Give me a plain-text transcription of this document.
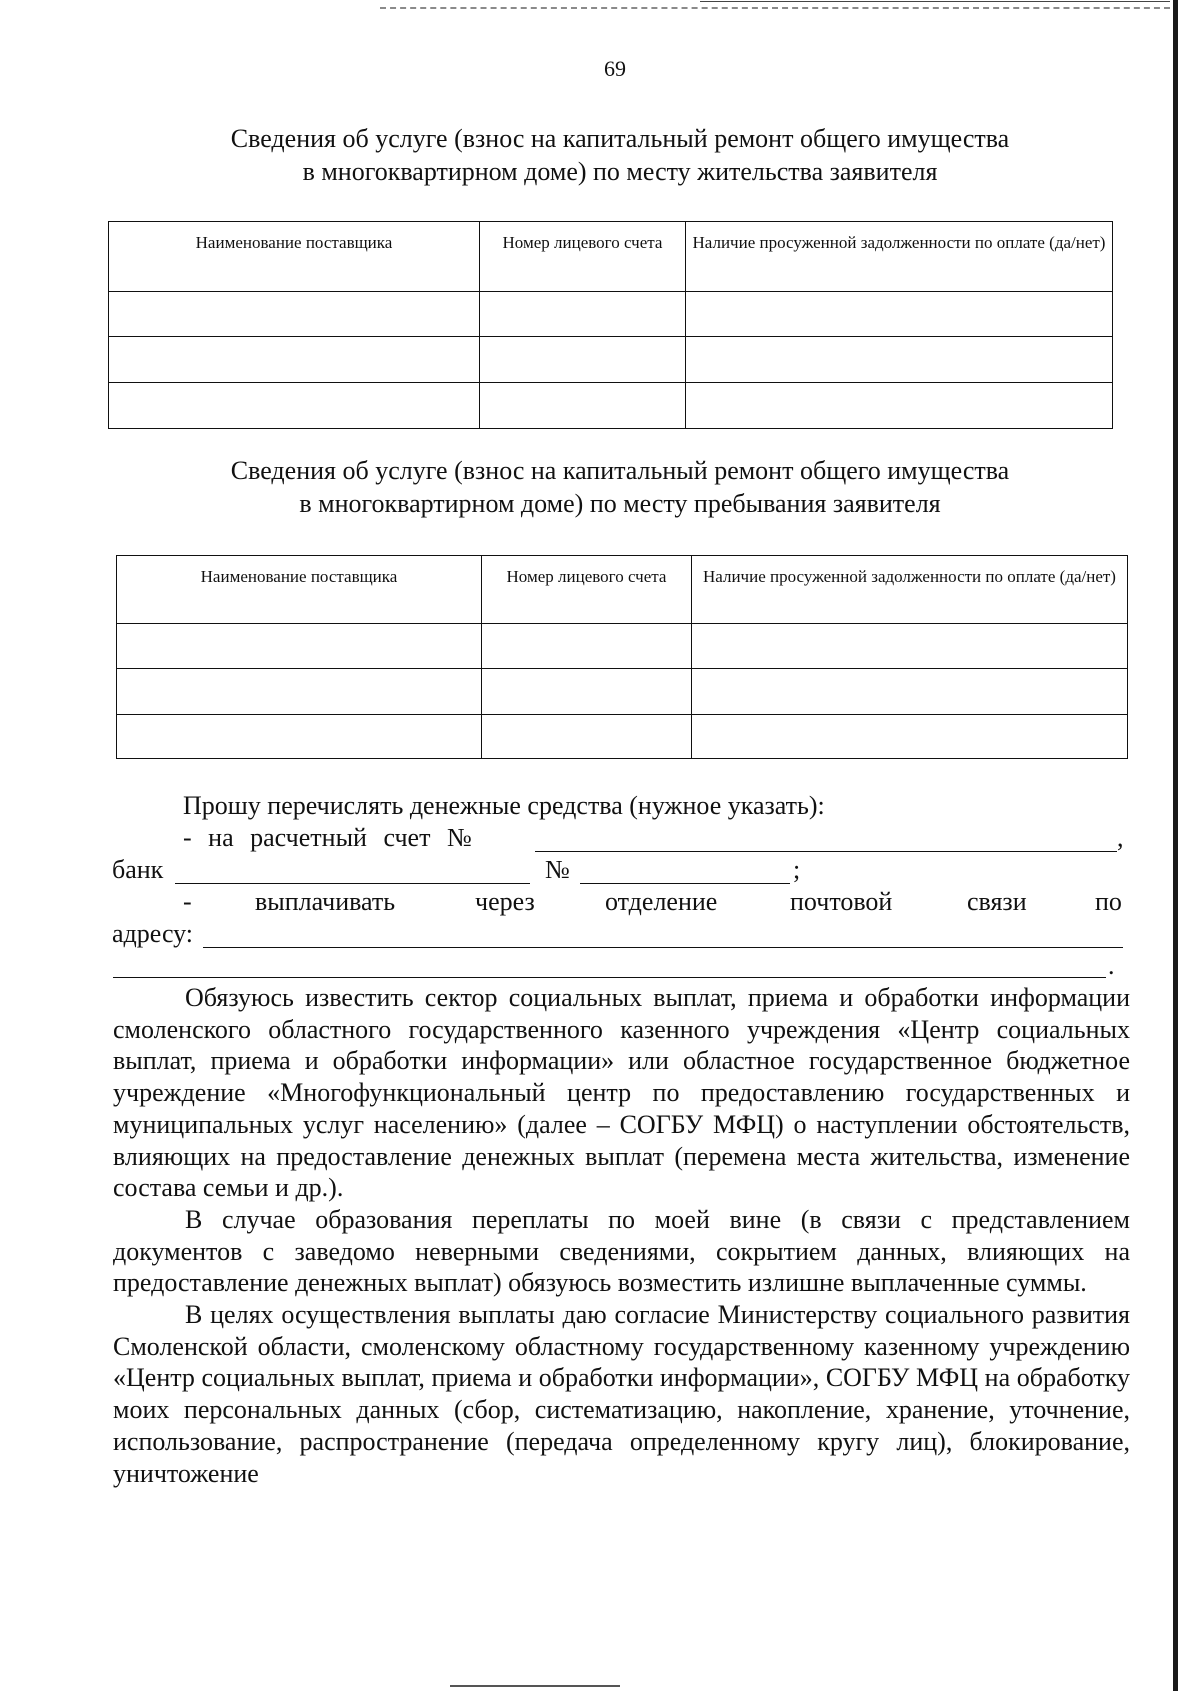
69
Сведения об услуге (взнос на капитальный ремонт общего имущества
в многоквартирном доме) по месту жительства заявителя
Наименование поставщика	Номер лицевого счета	Наличие просуженной задолженности по оплате (да/нет)

Сведения об услуге (взнос на капитальный ремонт общего имущества
в многоквартирном доме) по месту пребывания заявителя
Наименование поставщика	Номер лицевого счета	Наличие просуженной задолженности по оплате (да/нет)

Прошу перечислять денежные средства (нужное указать):
- на расчетный счет №	,
банк	№	;
- выплачивать	через	отделение	почтовой	связи	по
адресу:
.

Обязуюсь известить сектор социальных выплат, приема и обработки информации смоленского областного государственного казенного учреждения «Центр социальных выплат, приема и обработки информации» или областное государственное бюджетное учреждение «Многофункциональный центр по предоставлению государственных и муниципальных услуг населению» (далее – СОГБУ МФЦ) о наступлении обстоятельств, влияющих на предоставление денежных выплат (перемена места жительства, изменение состава семьи и др.).

В случае образования переплаты по моей вине (в связи с представлением документов с заведомо неверными сведениями, сокрытием данных, влияющих на предоставление денежных выплат) обязуюсь возместить излишне выплаченные суммы.

В целях осуществления выплаты даю согласие Министерству социального развития Смоленской области, смоленскому областному государственному казенному учреждению «Центр социальных выплат, приема и обработки информации», СОГБУ МФЦ на обработку моих персональных данных (сбор, систематизацию, накопление, хранение, уточнение, использование, распространение (передача определенному кругу лиц), блокирование, уничтожение
